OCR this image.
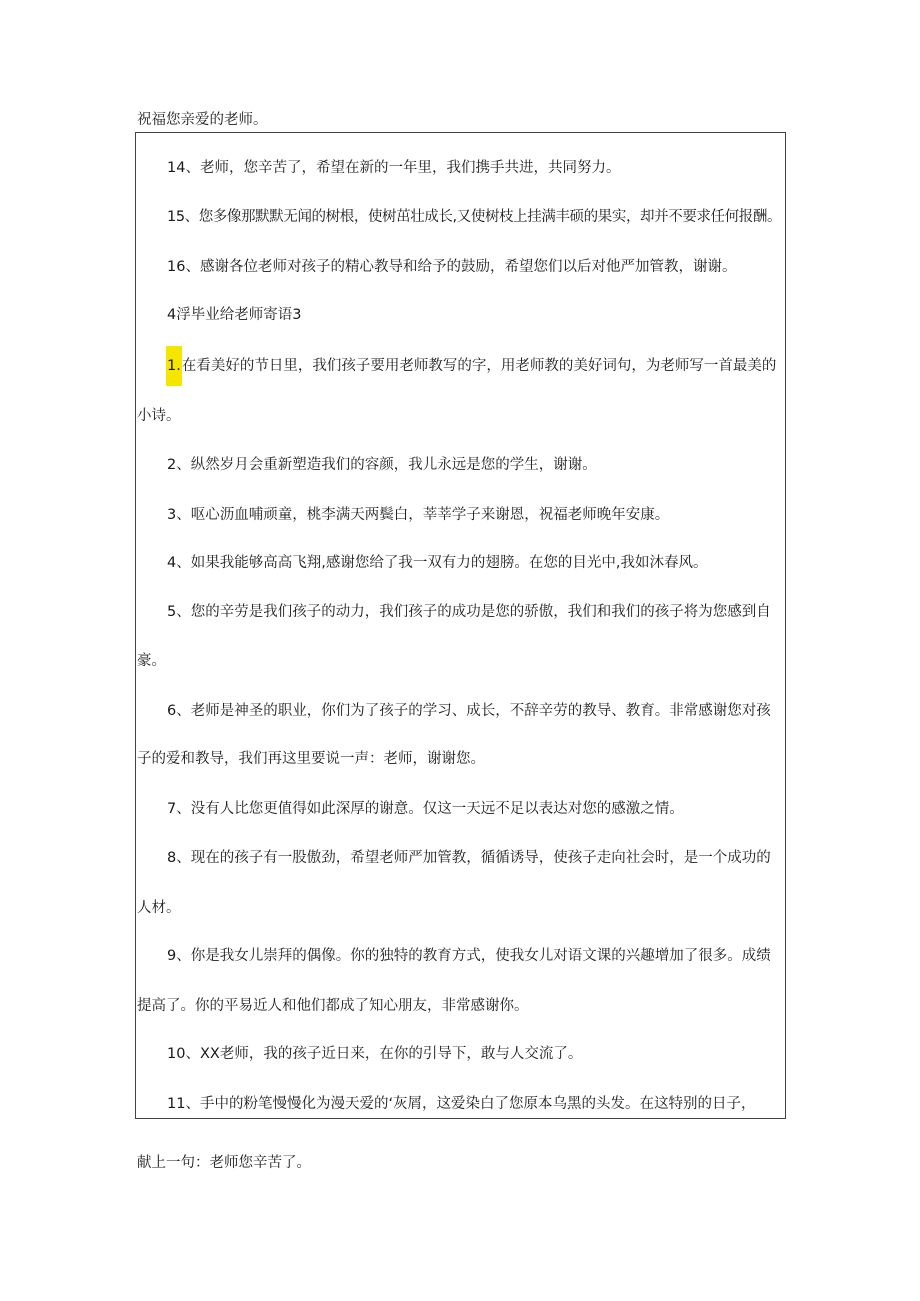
祝福您亲爱的老师。
14、老师，您辛苦了，希望在新的一年里，我们携手共进，共同努力。
15、您多像那默默无闻的树根，使树茁壮成长,又使树枝上挂满丰硕的果实，却并不要求任何报酬。
16、感谢各位老师对孩子的精心教导和给予的鼓励，希望您们以后对他严加管教，谢谢。
4浮毕业给老师寄语3
1.在看美好的节日里，我们孩子要用老师教写的字，用老师教的美好词句，为老师写一首最美的
小诗。
2、纵然岁月会重新塑造我们的容颜，我儿永远是您的学生，谢谢。
3、呕心沥血哺顽童，桃李满天两鬓白，莘莘学子来谢恩，祝福老师晚年安康。
4、如果我能够高高飞翔,感谢您给了我一双有力的翅膀。在您的目光中,我如沐春风。
5、您的辛劳是我们孩子的动力，我们孩子的成功是您的骄傲，我们和我们的孩子将为您感到自
豪。
6、老师是神圣的职业，你们为了孩子的学习、成长，不辞辛劳的教导、教育。非常感谢您对孩
子的爱和教导，我们再这里要说一声：老师，谢谢您。
7、没有人比您更值得如此深厚的谢意。仅这一天远不足以表达对您的感激之情。
8、现在的孩子有一股傲劲，希望老师严加管教，循循诱导，使孩子走向社会时，是一个成功的
人材。
9、你是我女儿崇拜的偶像。你的独特的教育方式，使我女儿对语文课的兴趣增加了很多。成绩
提高了。你的平易近人和他们都成了知心朋友，非常感谢你。
10、XX老师，我的孩子近日来，在你的引导下，敢与人交流了。
11、手中的粉笔慢慢化为漫天爱的‘灰屑，这爱染白了您原本乌黑的头发。在这特别的日子，
献上一句：老师您辛苦了。
